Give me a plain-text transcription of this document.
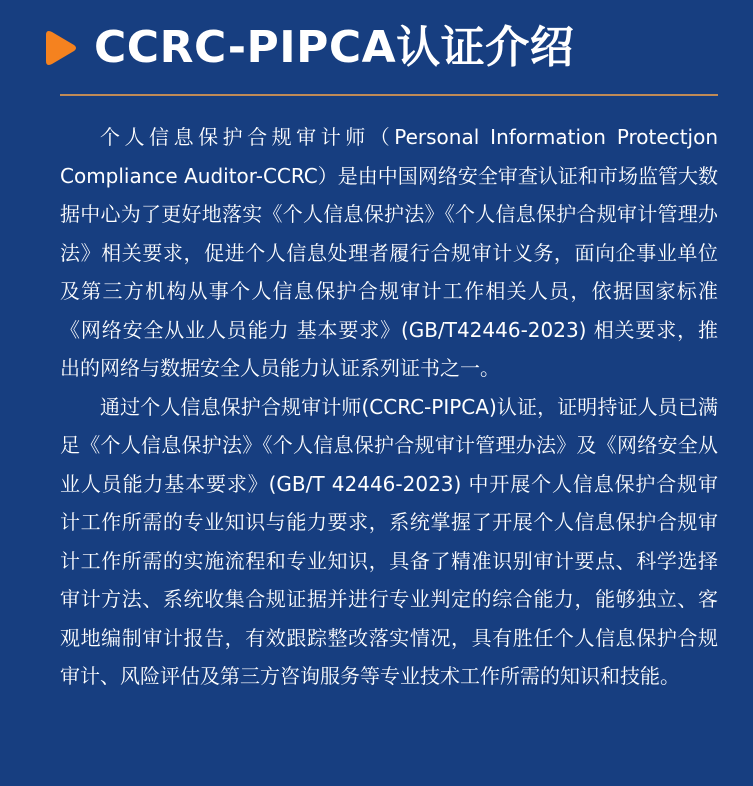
CCRC-PIPCA认证介绍

个人信息保护合规审计师（Personal Information Protectjon Compliance Auditor-CCRC）是由中国网络安全审查认证和市场监管大数据中心为了更好地落实《个人信息保护法》《个人信息保护合规审计管理办法》相关要求，促进个人信息处理者履行合规审计义务，面向企事业单位及第三方机构从事个人信息保护合规审计工作相关人员，依据国家标准《网络安全从业人员能力 基本要求》(GB/T42446-2023) 相关要求，推出的网络与数据安全人员能力认证系列证书之一。

通过个人信息保护合规审计师(CCRC-PIPCA)认证，证明持证人员已满足《个人信息保护法》《个人信息保护合规审计管理办法》及《网络安全从业人员能力基本要求》(GB/T 42446-2023) 中开展个人信息保护合规审计工作所需的专业知识与能力要求，系统掌握了开展个人信息保护合规审计工作所需的实施流程和专业知识，具备了精准识别审计要点、科学选择审计方法、系统收集合规证据并进行专业判定的综合能力，能够独立、客观地编制审计报告，有效跟踪整改落实情况，具有胜任个人信息保护合规审计、风险评估及第三方咨询服务等专业技术工作所需的知识和技能。
